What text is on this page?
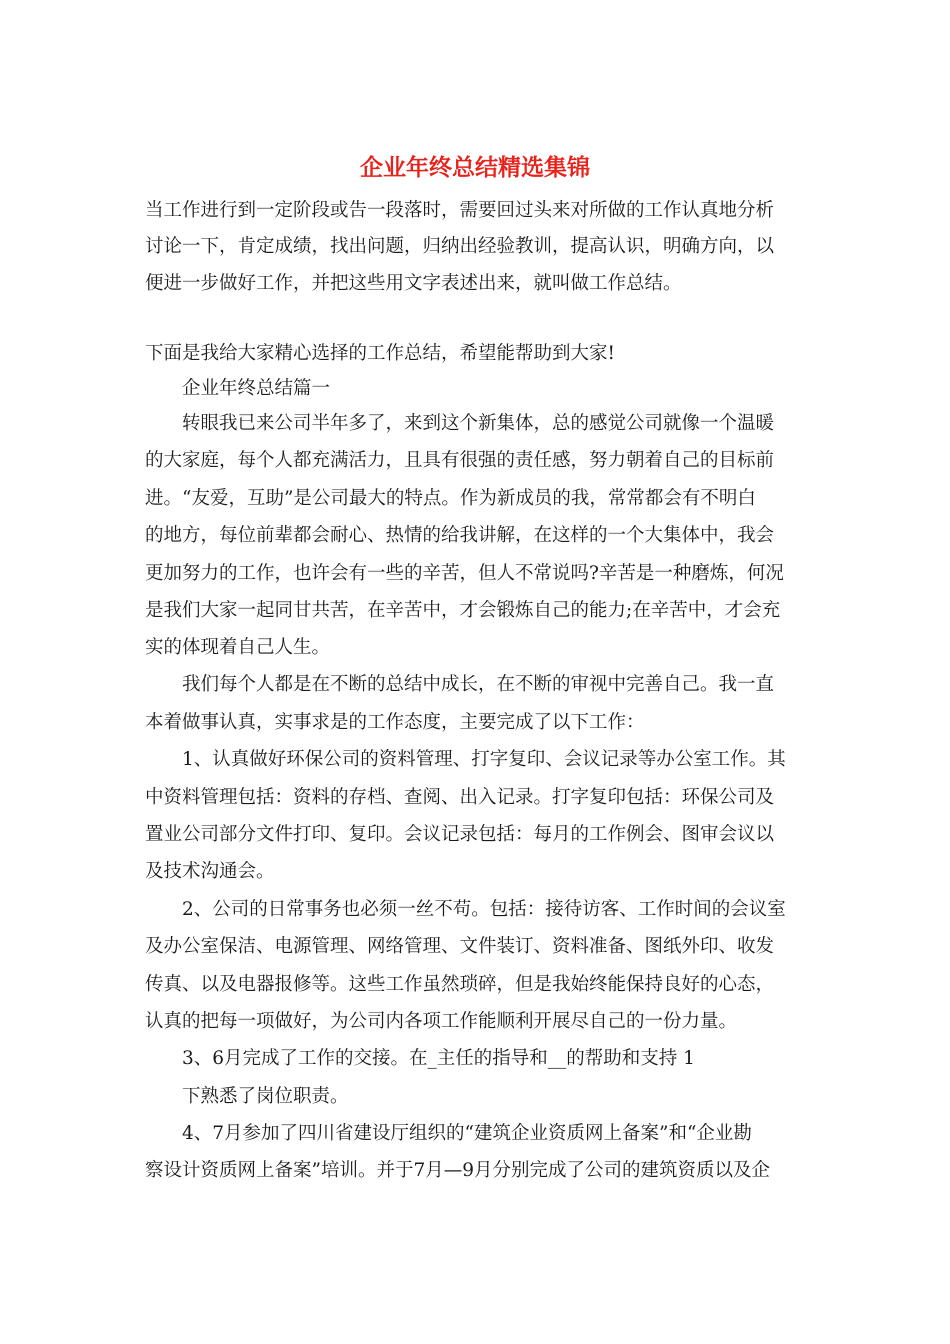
企业年终总结精选集锦

当工作进行到一定阶段或告一段落时，需要回过头来对所做的工作认真地分析

讨论一下，肯定成绩，找出问题，归纳出经验教训，提高认识，明确方向，以

便进一步做好工作，并把这些用文字表述出来，就叫做工作总结。

下面是我给大家精心选择的工作总结，希望能帮助到大家!

企业年终总结篇一

转眼我已来公司半年多了，来到这个新集体，总的感觉公司就像一个温暖

的大家庭，每个人都充满活力，且具有很强的责任感，努力朝着自己的目标前

进。“友爱，互助”是公司最大的特点。作为新成员的我，常常都会有不明白

的地方，每位前辈都会耐心、热情的给我讲解，在这样的一个大集体中，我会

更加努力的工作，也许会有一些的辛苦，但人不常说吗?辛苦是一种磨炼，何况

是我们大家一起同甘共苦，在辛苦中，才会锻炼自己的能力;在辛苦中，才会充

实的体现着自己人生。

我们每个人都是在不断的总结中成长，在不断的审视中完善自己。我一直

本着做事认真，实事求是的工作态度，主要完成了以下工作：

1、认真做好环保公司的资料管理、打字复印、会议记录等办公室工作。其

中资料管理包括：资料的存档、查阅、出入记录。打字复印包括：环保公司及

置业公司部分文件打印、复印。会议记录包括：每月的工作例会、图审会议以

及技术沟通会。

2、公司的日常事务也必须一丝不苟。包括：接待访客、工作时间的会议室

及办公室保洁、电源管理、网络管理、文件装订、资料准备、图纸外印、收发

传真、以及电器报修等。这些工作虽然琐碎，但是我始终能保持良好的心态，

认真的把每一项做好，为公司内各项工作能顺利开展尽自己的一份力量。

3、6月完成了工作的交接。在_主任的指导和__的帮助和支持 1

下熟悉了岗位职责。

4、7月参加了四川省建设厅组织的“建筑企业资质网上备案”和“企业勘

察设计资质网上备案”培训。并于7月—9月分别完成了公司的建筑资质以及企
